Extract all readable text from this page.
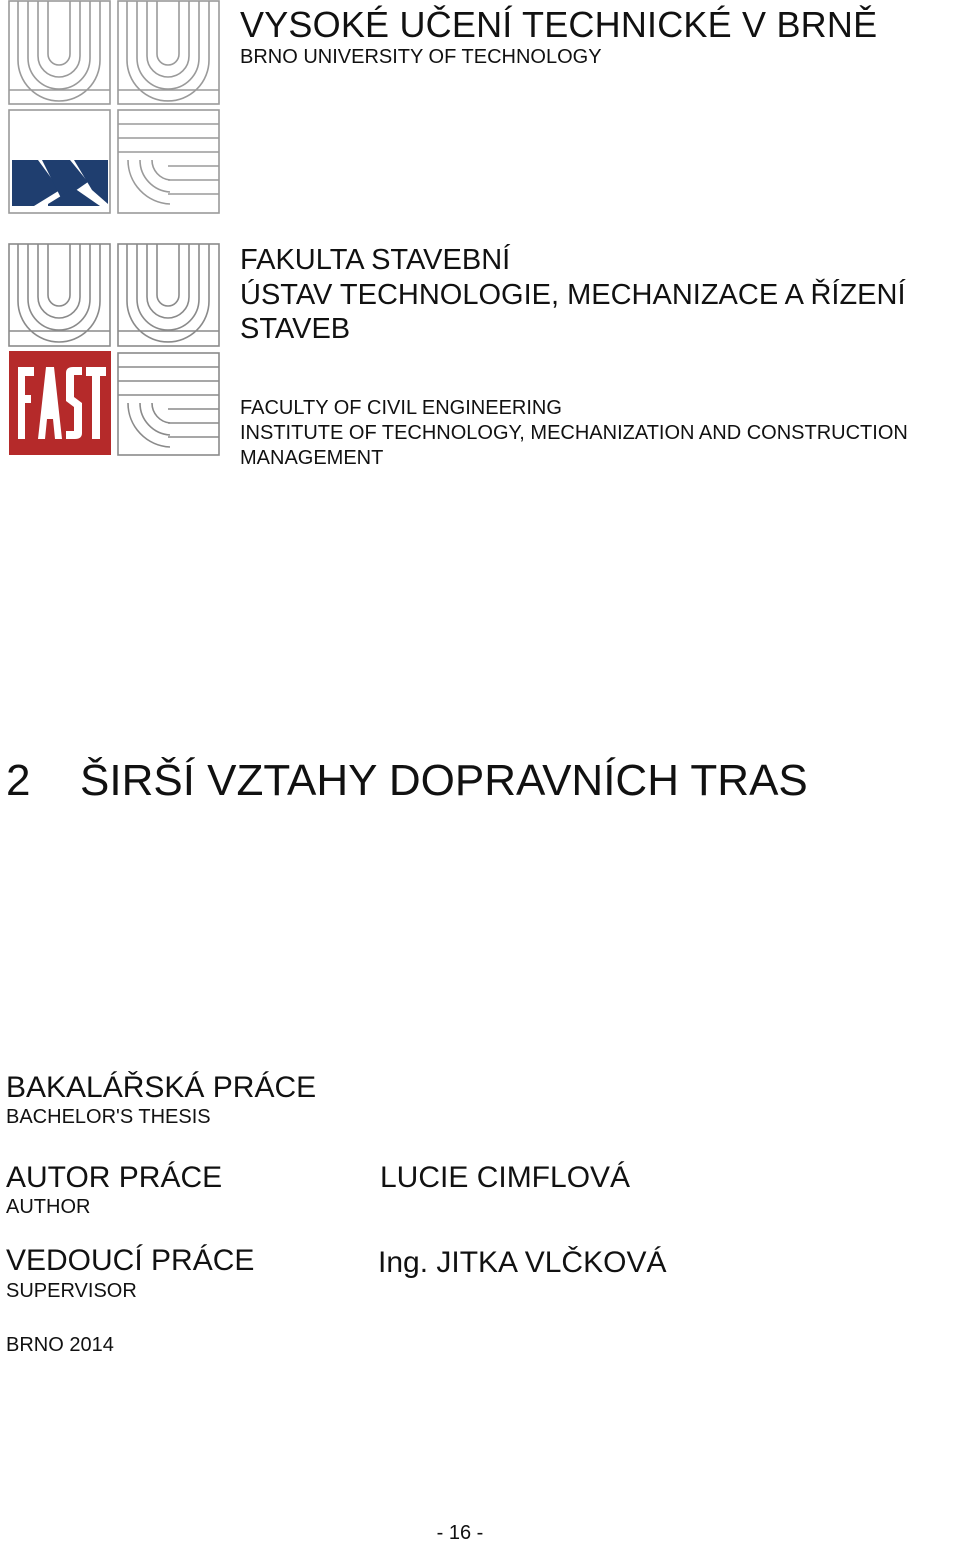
VYSOKÉ UČENÍ TECHNICKÉ V BRNĚ
BRNO UNIVERSITY OF TECHNOLOGY
FAKULTA STAVEBNÍ
ÚSTAV TECHNOLOGIE, MECHANIZACE A ŘÍZENÍ
STAVEB
FACULTY OF CIVIL ENGINEERING
INSTITUTE OF TECHNOLOGY, MECHANIZATION AND CONSTRUCTION
MANAGEMENT
2 ŠIRŠÍ VZTAHY DOPRAVNÍCH TRAS
BAKALÁŘSKÁ PRÁCE
BACHELOR'S THESIS
AUTOR PRÁCE
AUTHOR
LUCIE CIMFLOVÁ
VEDOUCÍ PRÁCE
SUPERVISOR
Ing. JITKA VLČKOVÁ
BRNO 2014
- 16 -
